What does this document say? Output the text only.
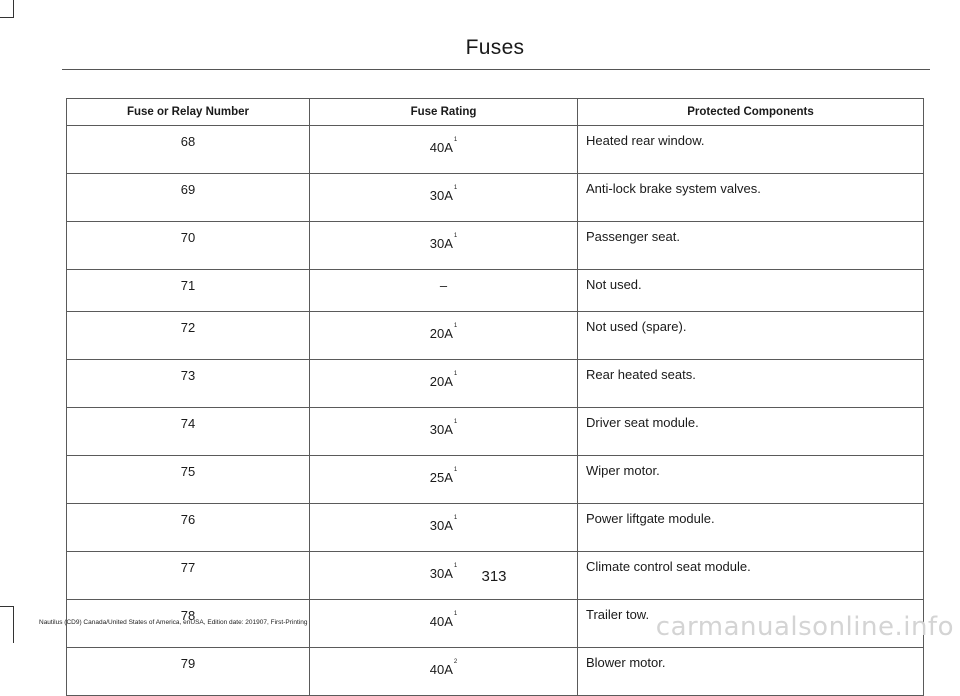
Fuses
Fuse or Relay Number	Fuse Rating	Protected Components
68	$40A^1$	Heated rear window.
69	$30A^1$	Anti-lock brake system valves.
70	$30A^1$	Passenger seat.
71	–	Not used.
72	$20A^1$	Not used (spare).
73	$20A^1$	Rear heated seats.
74	$30A^1$	Driver seat module.
75	$25A^1$	Wiper motor.
76	$30A^1$	Power liftgate module.
77	$30A^1$	Climate control seat module.
78	$40A^1$	Trailer tow.
79	$40A^2$	Blower motor.
313
Nautilus (CD9) Canada/United States of America, enUSA, Edition date: 201907, First-Printing	carmanualsonline.info
